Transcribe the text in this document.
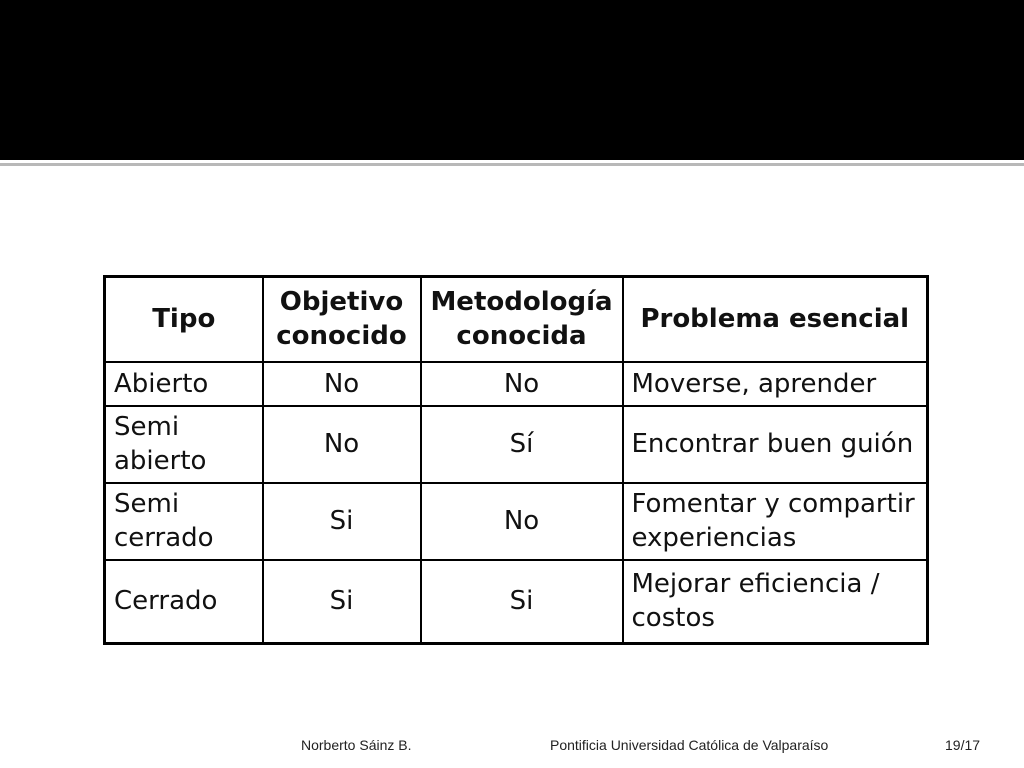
Tipo	Objetivo conocido	Metodología conocida	Problema esencial
Abierto	No	No	Moverse, aprender
Semi abierto	No	Sí	Encontrar buen guión
Semi cerrado	Si	No	Fomentar y compartir experiencias
Cerrado	Si	Si	Mejorar eficiencia / costos
Norberto Sáinz B.	Pontificia Universidad Católica de Valparaíso	19/17
